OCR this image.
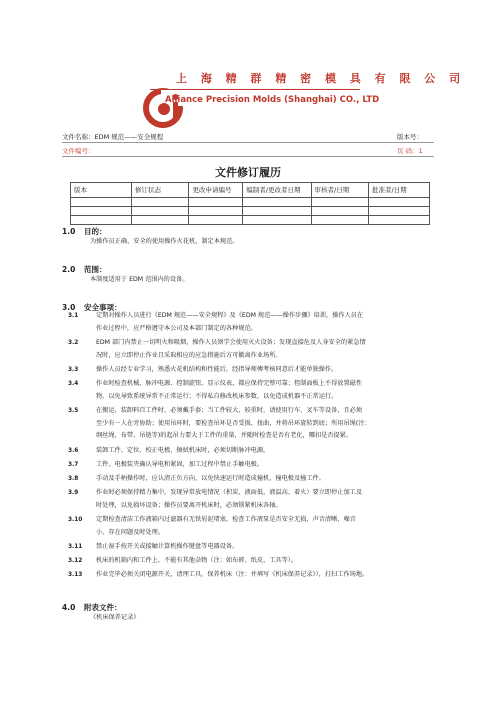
上 海 精 群 精 密 模 具 有 限 公 司
Alliance Precision Molds (Shanghai) CO., LTD
文件名称：EDM 规范——安全规程	版本号：
文件编号：	页 码：1
文件修订履历
版本	修订状态	更改申请编号	编制者/更改者日期	审核者/日期	批准者/日期

1.0 目的：
为操作员正确、安全的使用操作火花机，制定本规范。
2.0 范围：
本制度适用于 EDM 范围内的设备。
3.0 安全事项：
3.1	定期对操作人员进行《EDM 规范——安全规程》及《EDM 规范——操作步骤》培训，操作人员在
作业过程中，应严格遵守本公司及本部门制定的各种规范。
3.2	EDM 部门内禁止一切明火和吸烟，操作人员须学会使用灭火设备；发现直接危及人身安全的紧急情
况时，应立即停止作业且采取相应的应急措施后方可撤离作业场所。
3.3	操作人员经专业学习，熟悉火花机结构和性能后，经指导师傅考核同意后才能单独操作。
3.4	作业时检查机械、脉冲电源、控制旋钮、显示仪表，都应保持完整可靠；控制面板上不得放置磁性
物、以免导致系统异常不正常运行；不得私自修改机床参数，以免造成机器不正常运行。
3.5	在搬运、装卸料百工件时，必须戴手套；当工件较大、较重时，请使用行车、叉车等设备，且必须
至少有一人在旁协助；使用吊环时，要检查吊环是否受损、扭曲，并将吊环旋转到底；所用吊绳(注：
纲丝绳、布带、吊链等)的起吊力要大于工件的重量，并随时检查是否有老化，哪扣是否提紧。
3.6	装卸工件、定位、校正电极、擦拭机床时，必须切断脉冲电源。
3.7	工件、电极装夹确认导电和紧固，加工过程中禁止手触电极。
3.8	手动及手柄操作时，应认清正负方向，以免快速运行时造成撞机、撞电极及撞工件。
3.9	作业时必须保持精力集中，发现异常放电情况（积炭、液面低、液温高、着火）要立即停止加工及
时处理，以免损坏设备；操作员要离开机床时，必须锁紧机床各轴。
3.10 定期检查清洁工作液箱内过滤器有无铁屑泥堵塞，检查工作液泵是否安全无损、声音清晰、噪音
小、存在问题及时处理。
3.11 禁止湿手按开关或接触计算机操作键盘等电器设备。
3.12 机床的机箱内和工件上，不能有其他杂物（注：如布碎、纸皮、工具等）。
3.13 作业完毕必须关闭电源开关，清理工具，保养机床（注：并填写《机床保养记录》），打扫工作场地。
4.0 附表文件：
《机床保养记录》
